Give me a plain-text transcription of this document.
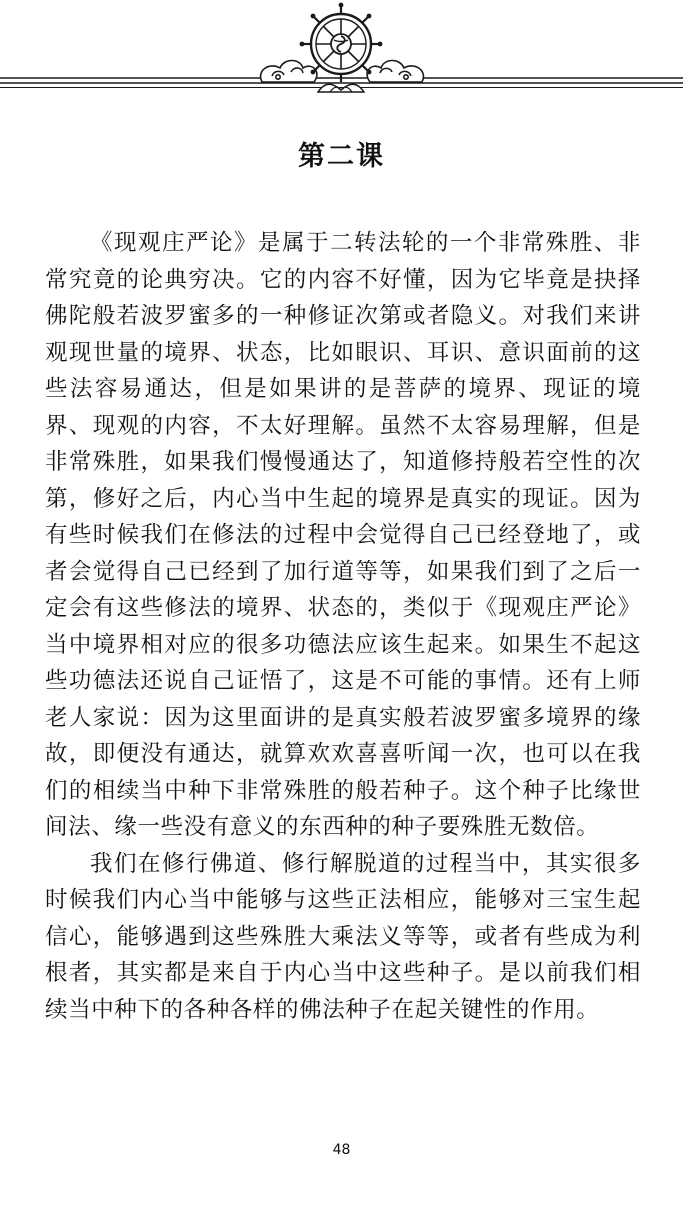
第二课

《现观庄严论》是属于二转法轮的一个非常殊胜、非常究竟的论典穷决。它的内容不好懂，因为它毕竟是抉择佛陀般若波罗蜜多的一种修证次第或者隐义。对我们来讲观现世量的境界、状态，比如眼识、耳识、意识面前的这些法容易通达，但是如果讲的是菩萨的境界、现证的境界、现观的内容，不太好理解。虽然不太容易理解，但是非常殊胜，如果我们慢慢通达了，知道修持般若空性的次第，修好之后，内心当中生起的境界是真实的现证。因为有些时候我们在修法的过程中会觉得自己已经登地了，或者会觉得自己已经到了加行道等等，如果我们到了之后一定会有这些修法的境界、状态的，类似于《现观庄严论》当中境界相对应的很多功德法应该生起来。如果生不起这些功德法还说自己证悟了，这是不可能的事情。还有上师老人家说：因为这里面讲的是真实般若波罗蜜多境界的缘故，即便没有通达，就算欢欢喜喜听闻一次，也可以在我们的相续当中种下非常殊胜的般若种子。这个种子比缘世间法、缘一些没有意义的东西种的种子要殊胜无数倍。

我们在修行佛道、修行解脱道的过程当中，其实很多时候我们内心当中能够与这些正法相应，能够对三宝生起信心，能够遇到这些殊胜大乘法义等等，或者有些成为利根者，其实都是来自于内心当中这些种子。是以前我们相续当中种下的各种各样的佛法种子在起关键性的作用。

48
